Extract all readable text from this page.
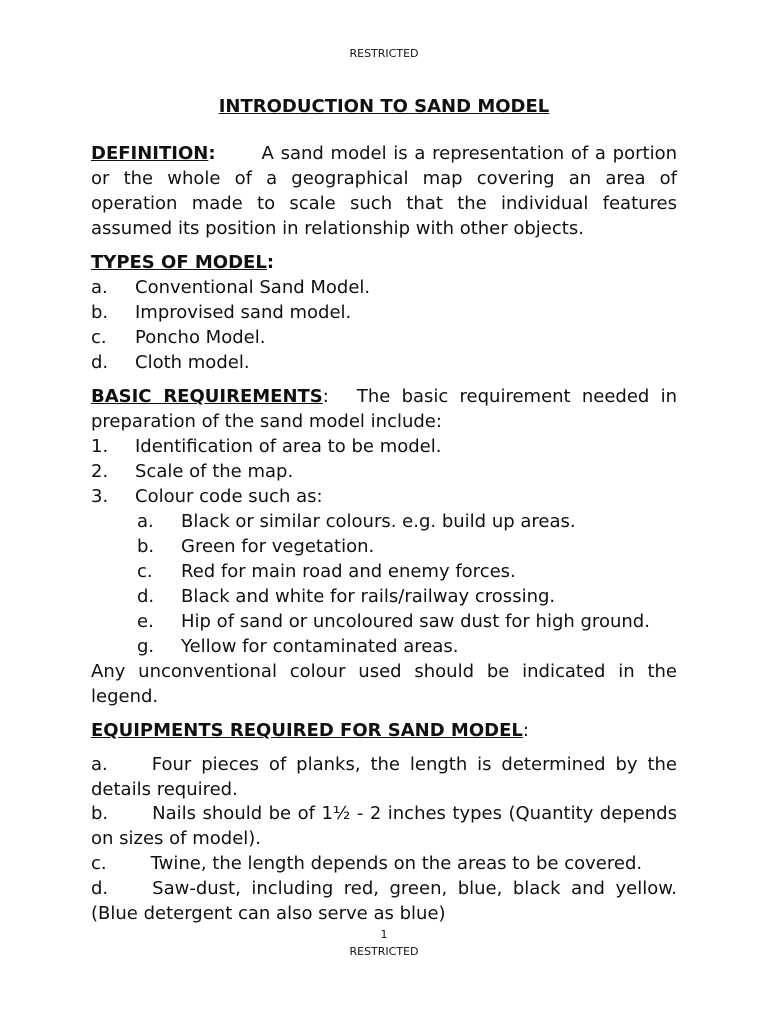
RESTRICTED
INTRODUCTION TO SAND MODEL
DEFINITION:	A sand model is a representation of a portion
or the whole of a geographical map covering an area of operation made to scale such that the individual features assumed its position in relationship with other objects.
TYPES OF MODEL:
a.	Conventional Sand Model.
b.	Improvised sand model.
c.	Poncho Model.
d.	Cloth model.
BASIC REQUIREMENTS: The basic requirement needed in
preparation of the sand model include:
1.	Identification of area to be model.
2.	Scale of the map.
3.	Colour code such as:
a.	Black or similar colours. e.g. build up areas.
b.	Green for vegetation.
c.	Red for main road and enemy forces.
d.	Black and white for rails/railway crossing.
e.	Hip of sand or uncoloured saw dust for high ground.
g.	Yellow for contaminated areas.
Any unconventional colour used should be indicated in the legend.
EQUIPMENTS REQUIRED FOR SAND MODEL:
a. Four pieces of planks, the length is determined by the details required.
b. Nails should be of 1½ - 2 inches types (Quantity depends on sizes of model).
c. Twine, the length depends on the areas to be covered.
d. Saw-dust, including red, green, blue, black and yellow. (Blue detergent can also serve as blue)
1
RESTRICTED
